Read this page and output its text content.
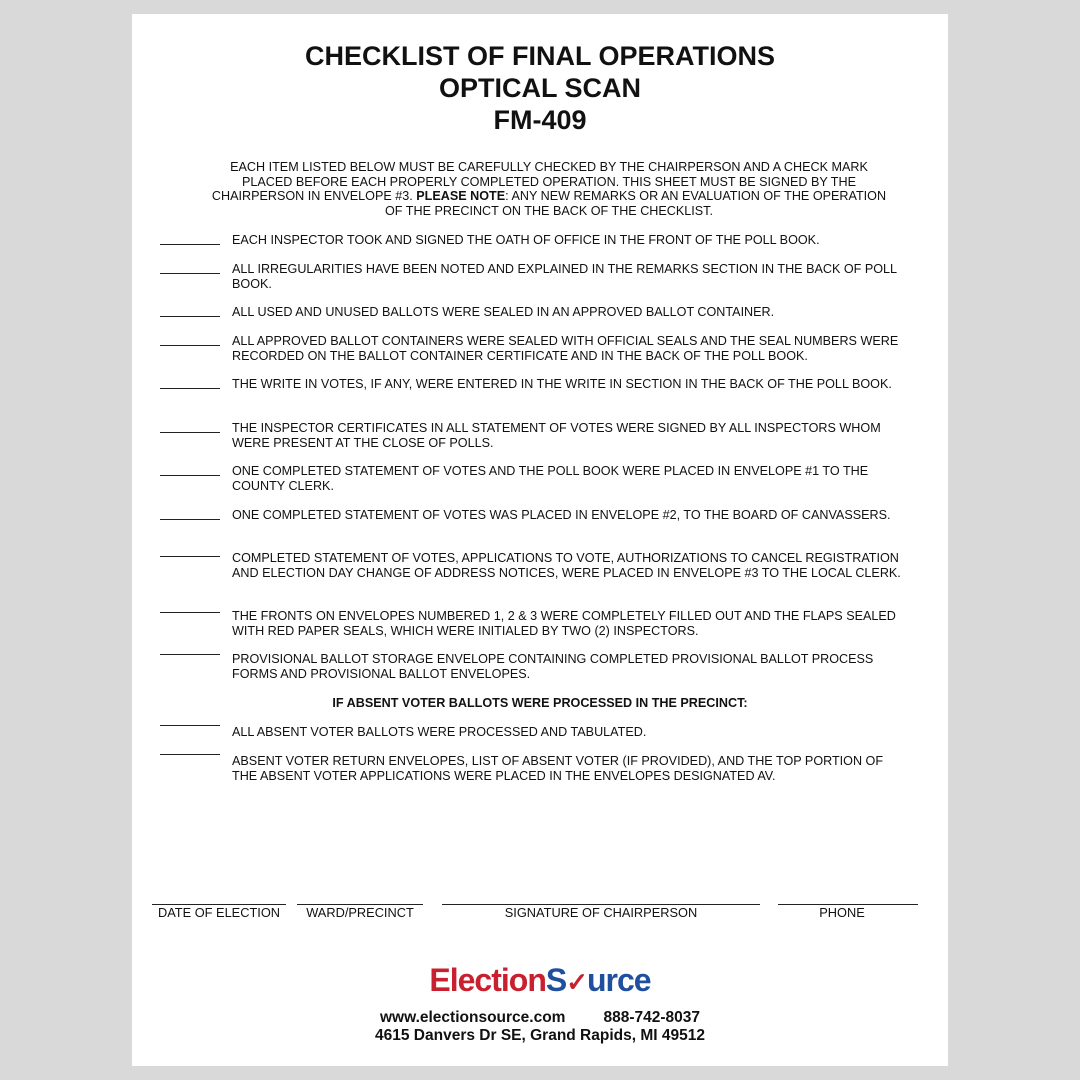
CHECKLIST OF FINAL OPERATIONS
OPTICAL SCAN
FM-409
EACH ITEM LISTED BELOW MUST BE CAREFULLY CHECKED BY THE CHAIRPERSON AND A CHECK MARK PLACED BEFORE EACH PROPERLY COMPLETED OPERATION. THIS SHEET MUST BE SIGNED BY THE CHAIRPERSON IN ENVELOPE #3. PLEASE NOTE: ANY NEW REMARKS OR AN EVALUATION OF THE OPERATION OF THE PRECINCT ON THE BACK OF THE CHECKLIST.
EACH INSPECTOR TOOK AND SIGNED THE OATH OF OFFICE IN THE FRONT OF THE POLL BOOK.
ALL IRREGULARITIES HAVE BEEN NOTED AND EXPLAINED IN THE REMARKS SECTION IN THE BACK OF POLL BOOK.
ALL USED AND UNUSED BALLOTS WERE SEALED IN AN APPROVED BALLOT CONTAINER.
ALL APPROVED BALLOT CONTAINERS WERE SEALED WITH OFFICIAL SEALS AND THE SEAL NUMBERS WERE RECORDED ON THE BALLOT CONTAINER CERTIFICATE AND IN THE BACK OF THE POLL BOOK.
THE WRITE IN VOTES, IF ANY, WERE ENTERED IN THE WRITE IN SECTION IN THE BACK OF THE POLL BOOK.
THE INSPECTOR CERTIFICATES IN ALL STATEMENT OF VOTES WERE SIGNED BY ALL INSPECTORS WHOM WERE PRESENT AT THE CLOSE OF POLLS.
ONE COMPLETED STATEMENT OF VOTES AND THE POLL BOOK WERE PLACED IN ENVELOPE #1 TO THE COUNTY CLERK.
ONE COMPLETED STATEMENT OF VOTES WAS PLACED IN ENVELOPE #2, TO THE BOARD OF CANVASSERS.
COMPLETED STATEMENT OF VOTES, APPLICATIONS TO VOTE, AUTHORIZATIONS TO CANCEL REGISTRATION AND ELECTION DAY CHANGE OF ADDRESS NOTICES, WERE PLACED IN ENVELOPE #3 TO THE LOCAL CLERK.
THE FRONTS ON ENVELOPES NUMBERED 1, 2 & 3 WERE COMPLETELY FILLED OUT AND THE FLAPS SEALED WITH RED PAPER SEALS, WHICH WERE INITIALED BY TWO (2) INSPECTORS.
PROVISIONAL BALLOT STORAGE ENVELOPE CONTAINING COMPLETED PROVISIONAL BALLOT PROCESS FORMS AND PROVISIONAL BALLOT ENVELOPES.
IF ABSENT VOTER BALLOTS WERE PROCESSED IN THE PRECINCT:
ALL ABSENT VOTER BALLOTS WERE PROCESSED AND TABULATED.
ABSENT VOTER RETURN ENVELOPES, LIST OF ABSENT VOTER (IF PROVIDED), AND THE TOP PORTION OF THE ABSENT VOTER APPLICATIONS WERE PLACED IN THE ENVELOPES DESIGNATED AV.
DATE OF ELECTION	WARD/PRECINCT	SIGNATURE OF CHAIRPERSON	PHONE
ElectionS✓urce
www.electionsource.com 888-742-8037
4615 Danvers Dr SE, Grand Rapids, MI 49512
